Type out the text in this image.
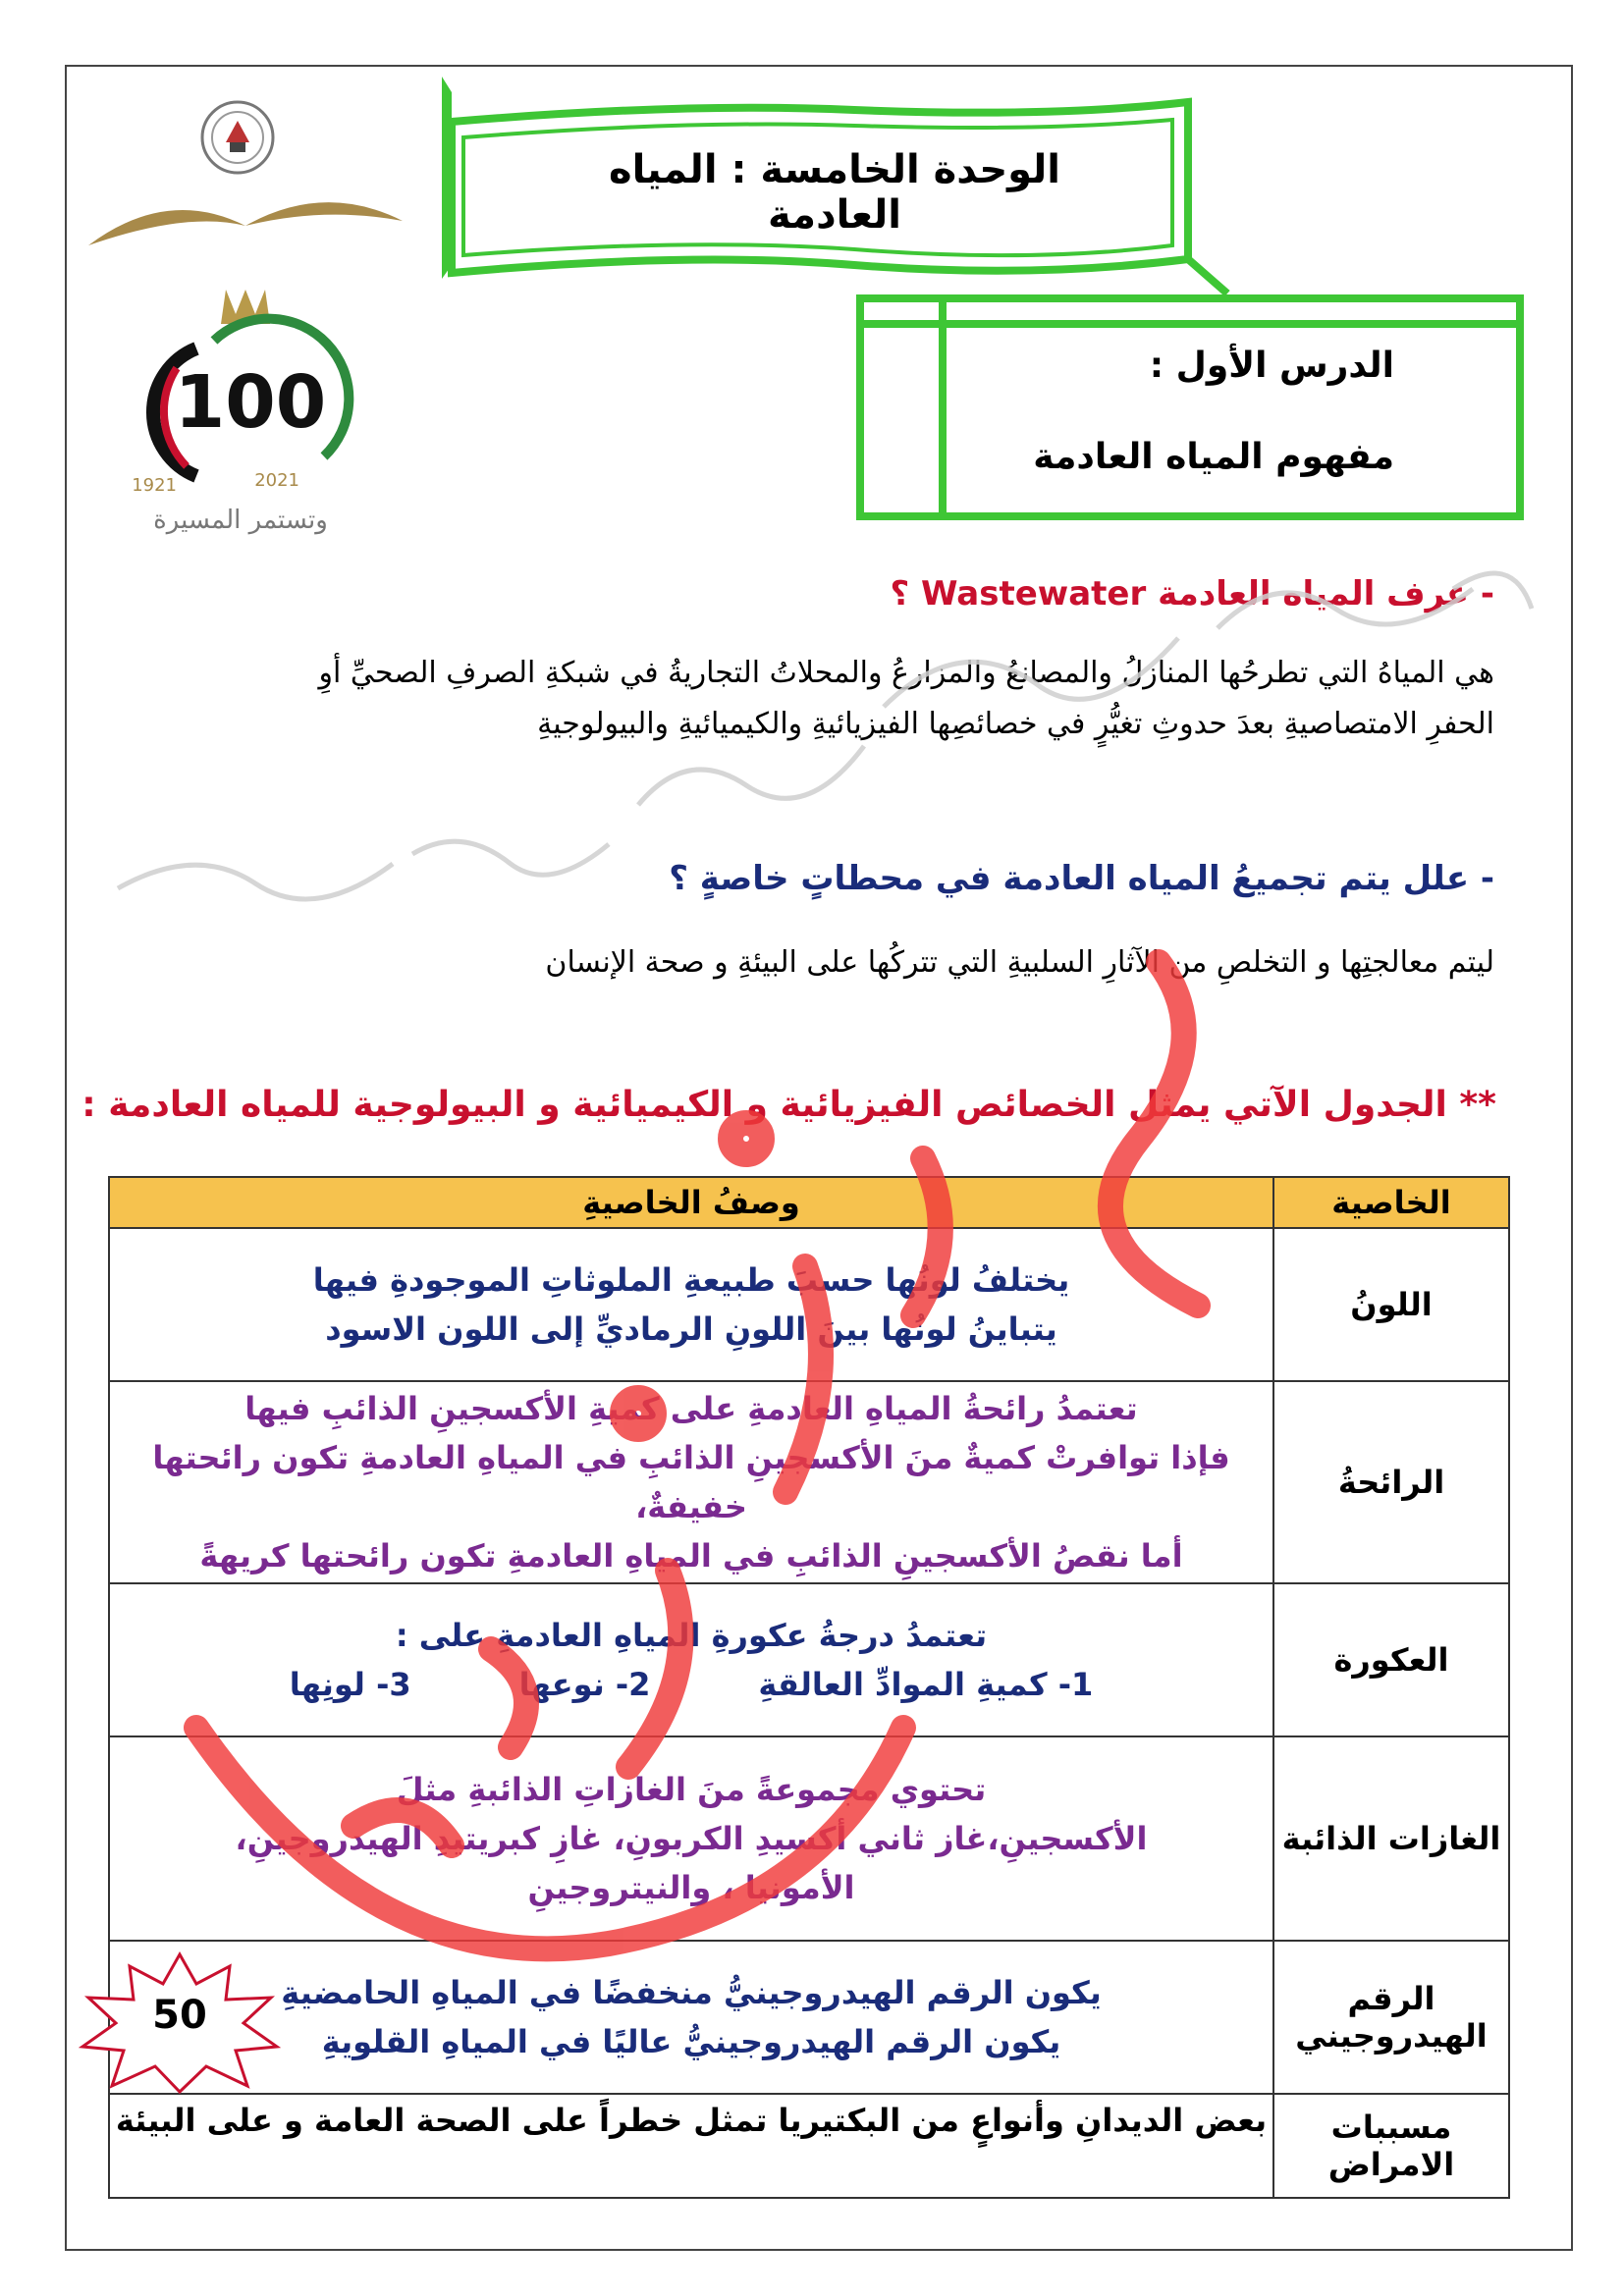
الوحدة الخامسة : المياه العادمة
الدرس الأول :
مفهوم المياه العادمة
100
1921	2021
وتستمر المسيرة
- عرف المياه العادمة Wastewater ؟
هي المياهُ التي تطرحُها المنازلُ والمصانعُ والمزارعُ والمحلاتُ التجاريةُ في شبكةِ الصرفِ الصحيِّ أوِ
الحفرِ الامتصاصيةِ بعدَ حدوثِ تغيُّرٍ في خصائصِها الفيزيائيةِ والكيميائيةِ والبيولوجيةِ
- علل يتم تجميعُ المياه العادمة في محطاتٍ خاصةٍ ؟
ليتم معالجتِها و التخلصِ من الآثارِ السلبيةِ التي تتركُها على البيئةِ و صحة الإنسان
** الجدول الآتي يمثل الخصائص الفيزيائية و الكيميائية و البيولوجية للمياه العادمة :
الخاصية	وصفُ الخاصيةِ
اللونُ	يختلفُ لونُها حسبَ طبيعةِ الملوثاتِ الموجودةِ فيها
يتباينُ لونُها بينَ اللونِ الرماديِّ إلى اللون الاسود

الرائحةُ	تعتمدُ رائحةُ المياهِ العادمةِ على كميةِ الأكسجينِ الذائبِ فيها
فإذا توافرتْ كميةٌ منَ الأكسجينِ الذائبِ في المياهِ العادمةِ تكون رائحتها خفيفةٌ،
أما نقصُ الأكسجينِ الذائبِ في المياهِ العادمةِ تكون رائحتها كريهةً

العكورة	تعتمدُ درجةُ عكورةِ المياهِ العادمةِ على :
1- كميةِ الموادِّ العالقةِ
2- نوعها
3- لونِها

الغازات الذائبة	تحتوي مجموعةً منَ الغازاتِ الذائبةِ مثلَ
الأكسجينِ،غاز ثاني أكسيدِ الكربونِ، غازِ كبريتيدِ الهيدروجينِ،
الأمونيا ، والنيتروجينِ

الرقم
الهيدروجيني	يكون الرقم الهيدروجينيُّ منخفضًا في المياهِ الحامضيةِ
يكون الرقم الهيدروجينيُّ عاليًا في المياهِ القلويةِ

مسببات
الامراض	بعض الديدانِ وأنواعٍ من البكتيريا تمثل خطراً على الصحة العامة و على البيئة
50
